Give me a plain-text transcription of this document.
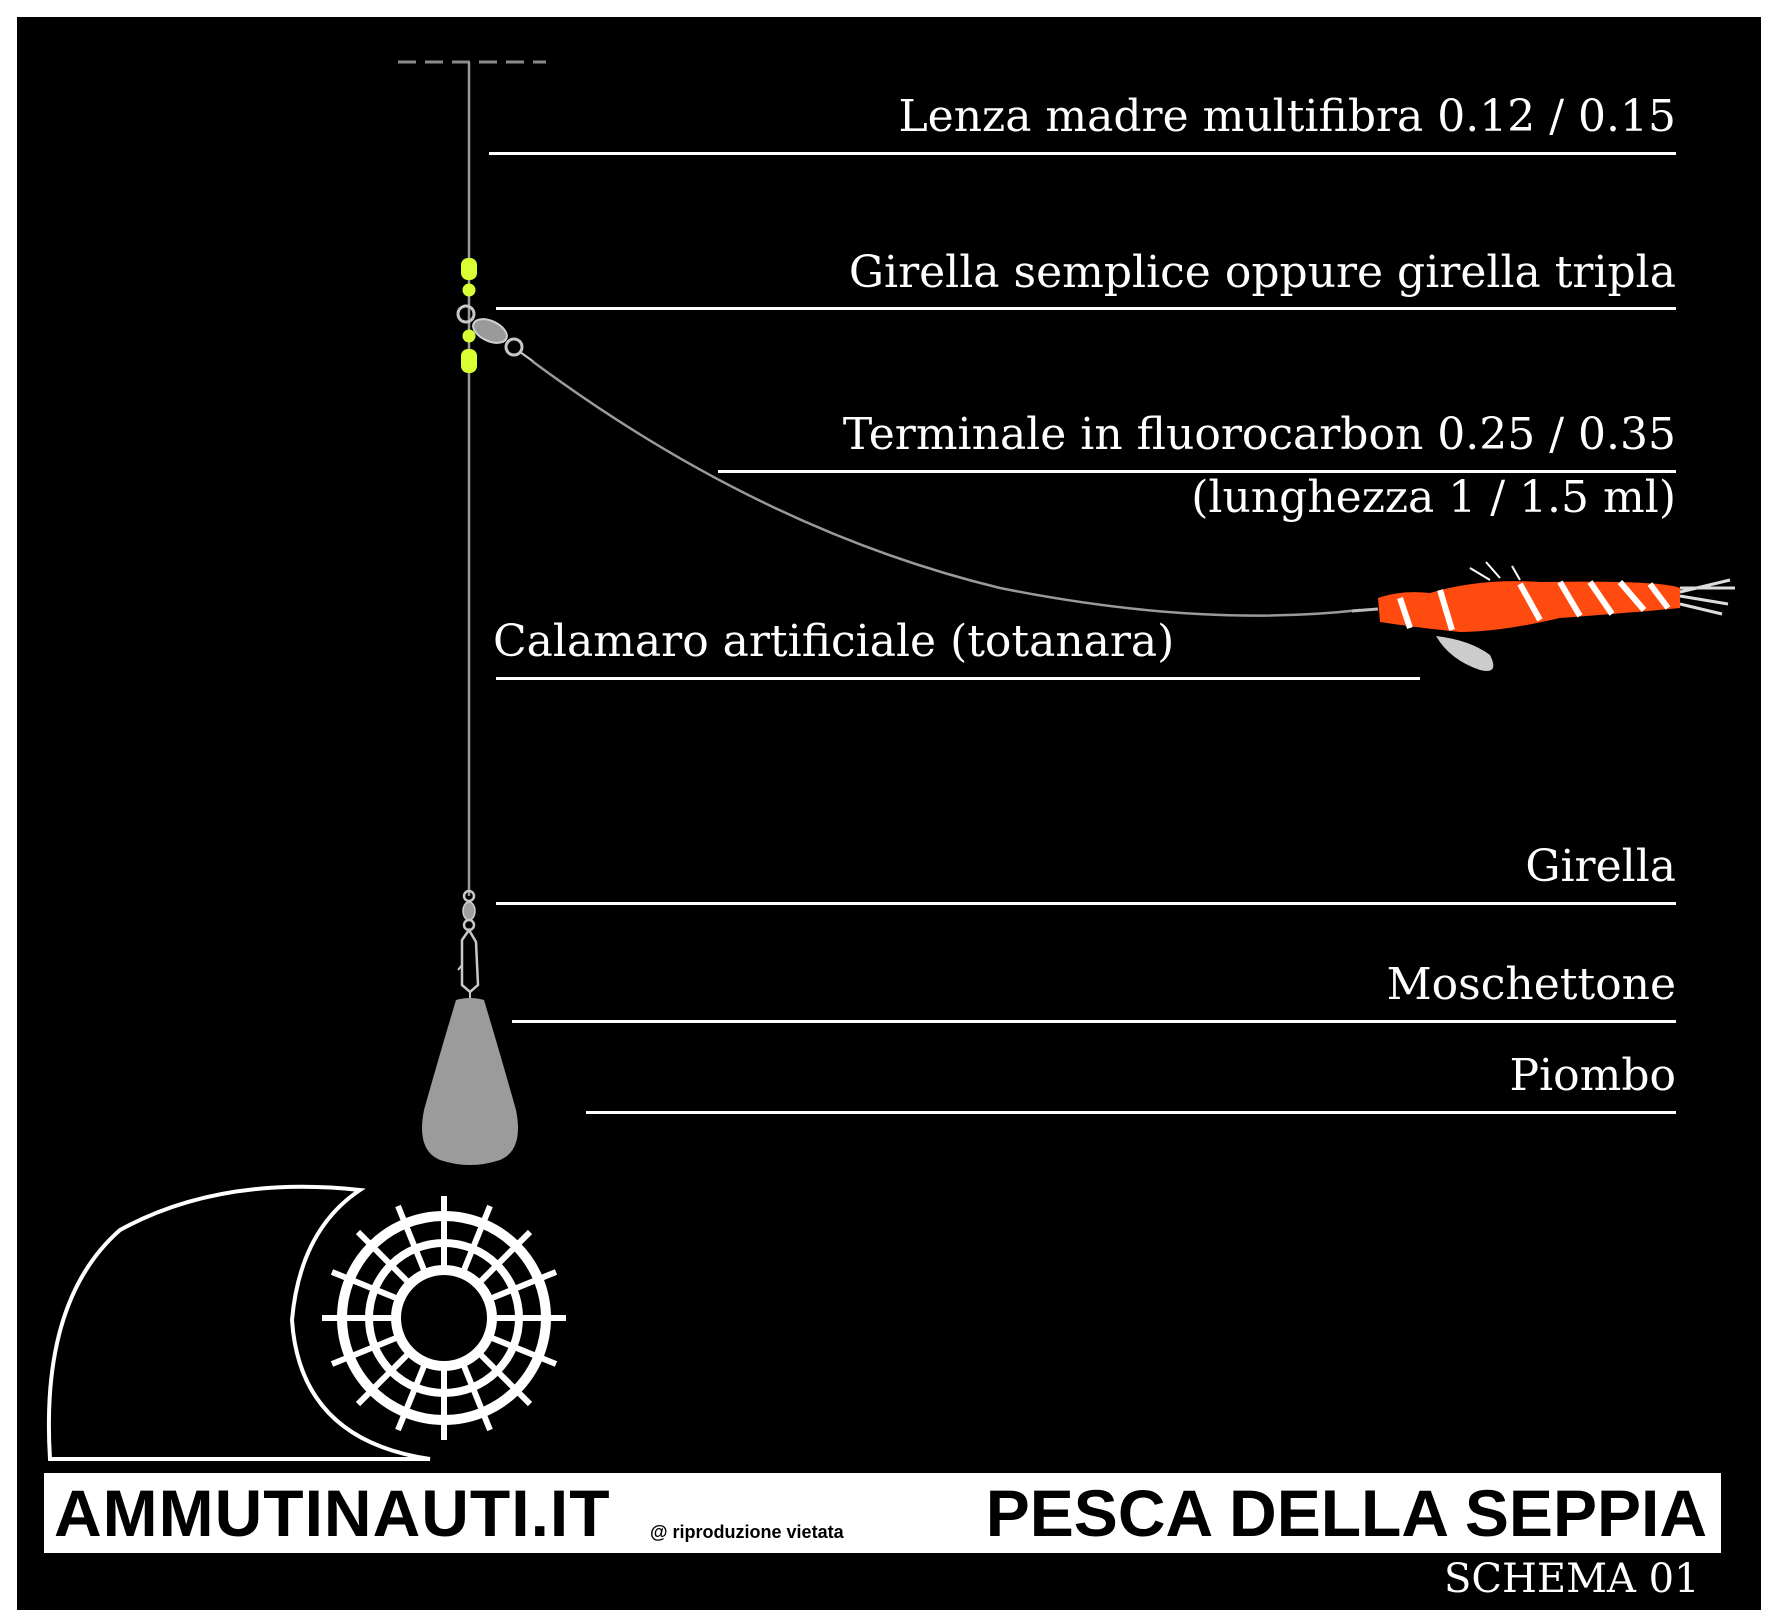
Lenza madre multifibra 0.12 / 0.15
Girella semplice oppure girella tripla
Terminale in fluorocarbon 0.25 / 0.35
(lunghezza 1 / 1.5 ml)
Calamaro artificiale (totanara)
Girella
Moschettone
Piombo
AMMUTINAUTI.IT @ riproduzione vietata PESCA DELLA SEPPIA
SCHEMA 01
